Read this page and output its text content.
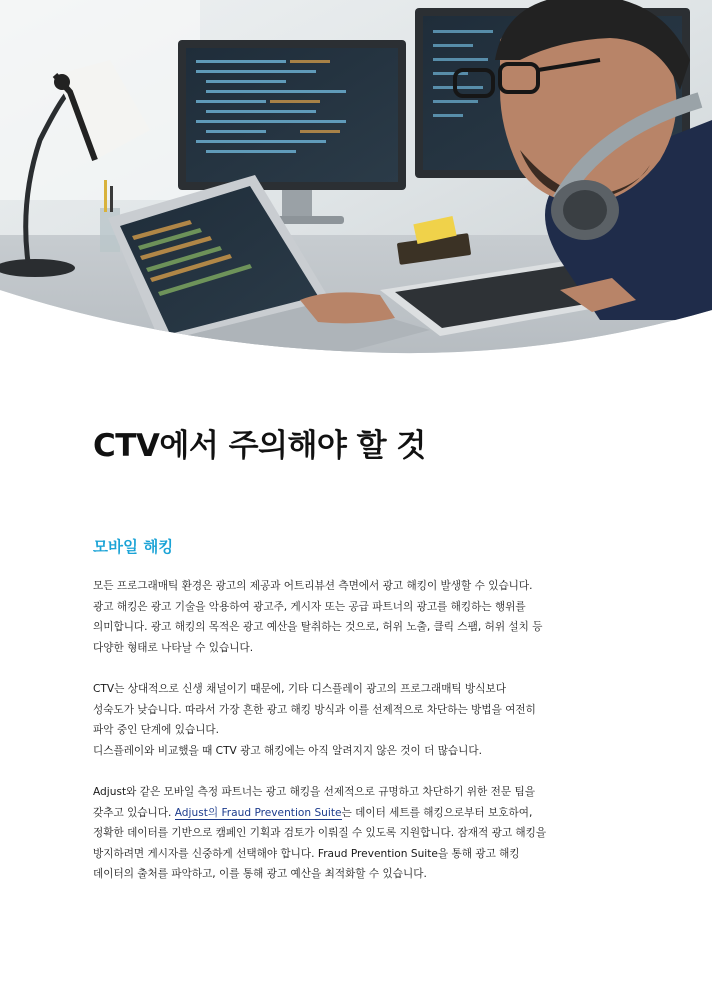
CTV에서 주의해야 할 것
모바일 해킹

모든 프로그래매틱 환경은 광고의 제공과 어트리뷰션 측면에서 광고 해킹이 발생할 수 있습니다.
광고 해킹은 광고 기술을 악용하여 광고주, 게시자 또는 공급 파트너의 광고를 해킹하는 행위를
의미합니다. 광고 해킹의 목적은 광고 예산을 탈취하는 것으로, 허위 노출, 클릭 스팸, 허위 설치 등
다양한 형태로 나타날 수 있습니다.

CTV는 상대적으로 신생 채널이기 때문에, 기타 디스플레이 광고의 프로그래매틱 방식보다
성숙도가 낮습니다. 따라서 가장 흔한 광고 해킹 방식과 이를 선제적으로 차단하는 방법을 여전히
파악 중인 단계에 있습니다.
디스플레이와 비교했을 때 CTV 광고 해킹에는 아직 알려지지 않은 것이 더 많습니다.

Adjust와 같은 모바일 측정 파트너는 광고 해킹을 선제적으로 규명하고 차단하기 위한 전문 팀을
갖추고 있습니다. Adjust의 Fraud Prevention Suite는 데이터 세트를 해킹으로부터 보호하여,
정확한 데이터를 기반으로 캠페인 기획과 검토가 이뤄질 수 있도록 지원합니다. 잠재적 광고 해킹을
방지하려면 게시자를 신중하게 선택해야 합니다. Fraud Prevention Suite을 통해 광고 해킹
데이터의 출처를 파악하고, 이를 통해 광고 예산을 최적화할 수 있습니다.
